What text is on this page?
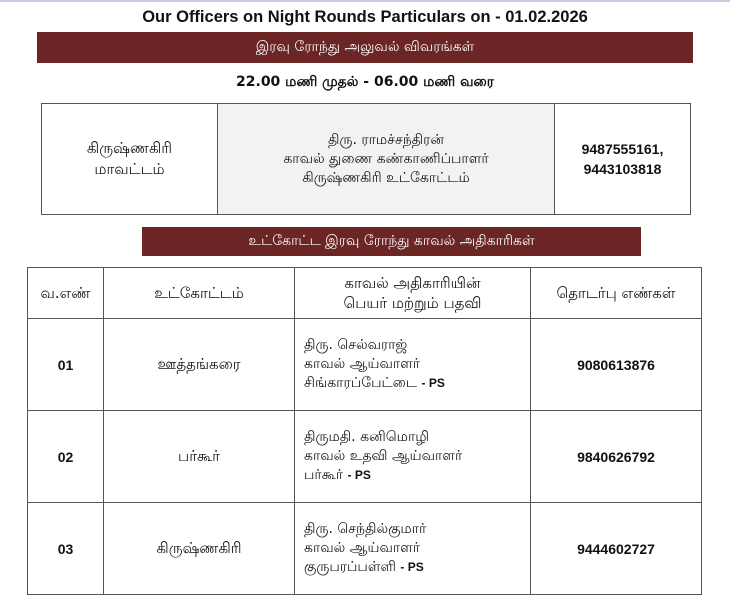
Our Officers on Night Rounds Particulars on - 01.02.2026
இரவு ரோந்து அலுவல் விவரங்கள்
22.00 மணி முதல் - 06.00 மணி வரை
கிருஷ்ணகிரி
மாவட்டம்

திரு. ராமச்சந்திரன்
காவல் துணை கண்காணிப்பாளர்
கிருஷ்ணகிரி உட்கோட்டம்

9487555161,
9443103818
உட்கோட்ட இரவு ரோந்து காவல் அதிகாரிகள்
வ.எண்	உட்கோட்டம்	காவல் அதிகாரியின்
பெயர் மற்றும் பதவி	தொடர்பு எண்கள்
01	ஊத்தங்கரை	திரு. செல்வராஜ்
காவல் ஆய்வாளர்
சிங்காரப்பேட்டை - PS	9080613876
02	பர்கூர்	திருமதி. கனிமொழி
காவல் உதவி ஆய்வாளர்
பர்கூர் - PS	9840626792
03	கிருஷ்ணகிரி	திரு. செந்தில்குமார்
காவல் ஆய்வாளர்
குருபரப்பள்ளி - PS	9444602727
